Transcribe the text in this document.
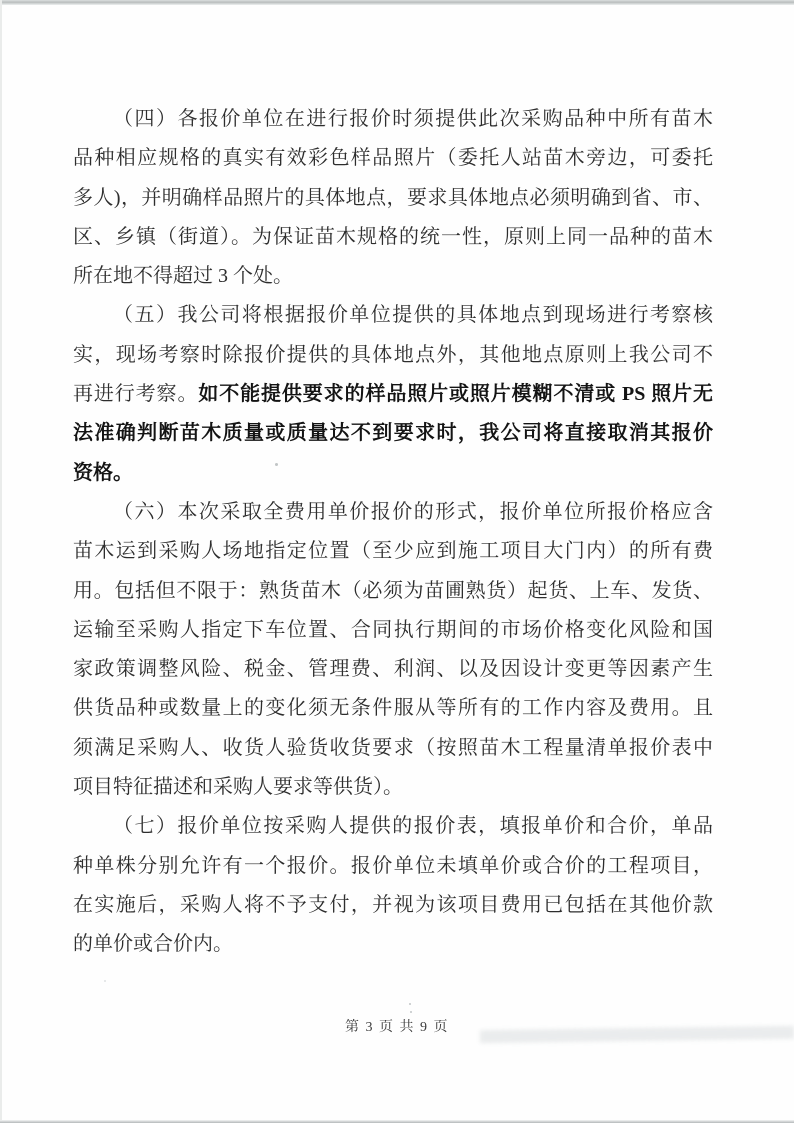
（四）各报价单位在进行报价时须提供此次采购品种中所有苗木
品种相应规格的真实有效彩色样品照片（委托人站苗木旁边，可委托
多人)，并明确样品照片的具体地点，要求具体地点必须明确到省、市、
区、乡镇（街道）。为保证苗木规格的统一性，原则上同一品种的苗木
所在地不得超过 3 个处。
（五）我公司将根据报价单位提供的具体地点到现场进行考察核
实，现场考察时除报价提供的具体地点外，其他地点原则上我公司不
再进行考察。如不能提供要求的样品照片或照片模糊不清或 PS 照片无
法准确判断苗木质量或质量达不到要求时，我公司将直接取消其报价
资格。
（六）本次采取全费用单价报价的形式，报价单位所报价格应含
苗木运到采购人场地指定位置（至少应到施工项目大门内）的所有费
用。包括但不限于：熟货苗木（必须为苗圃熟货）起货、上车、发货、
运输至采购人指定下车位置、合同执行期间的市场价格变化风险和国
家政策调整风险、税金、管理费、利润、以及因设计变更等因素产生
供货品种或数量上的变化须无条件服从等所有的工作内容及费用。且
须满足采购人、收货人验货收货要求（按照苗木工程量清单报价表中
项目特征描述和采购人要求等供货）。
（七）报价单位按采购人提供的报价表，填报单价和合价，单品
种单株分别允许有一个报价。报价单位未填单价或合价的工程项目，
在实施后，采购人将不予支付，并视为该项目费用已包括在其他价款
的单价或合价内。
第 3 页 共 9 页
